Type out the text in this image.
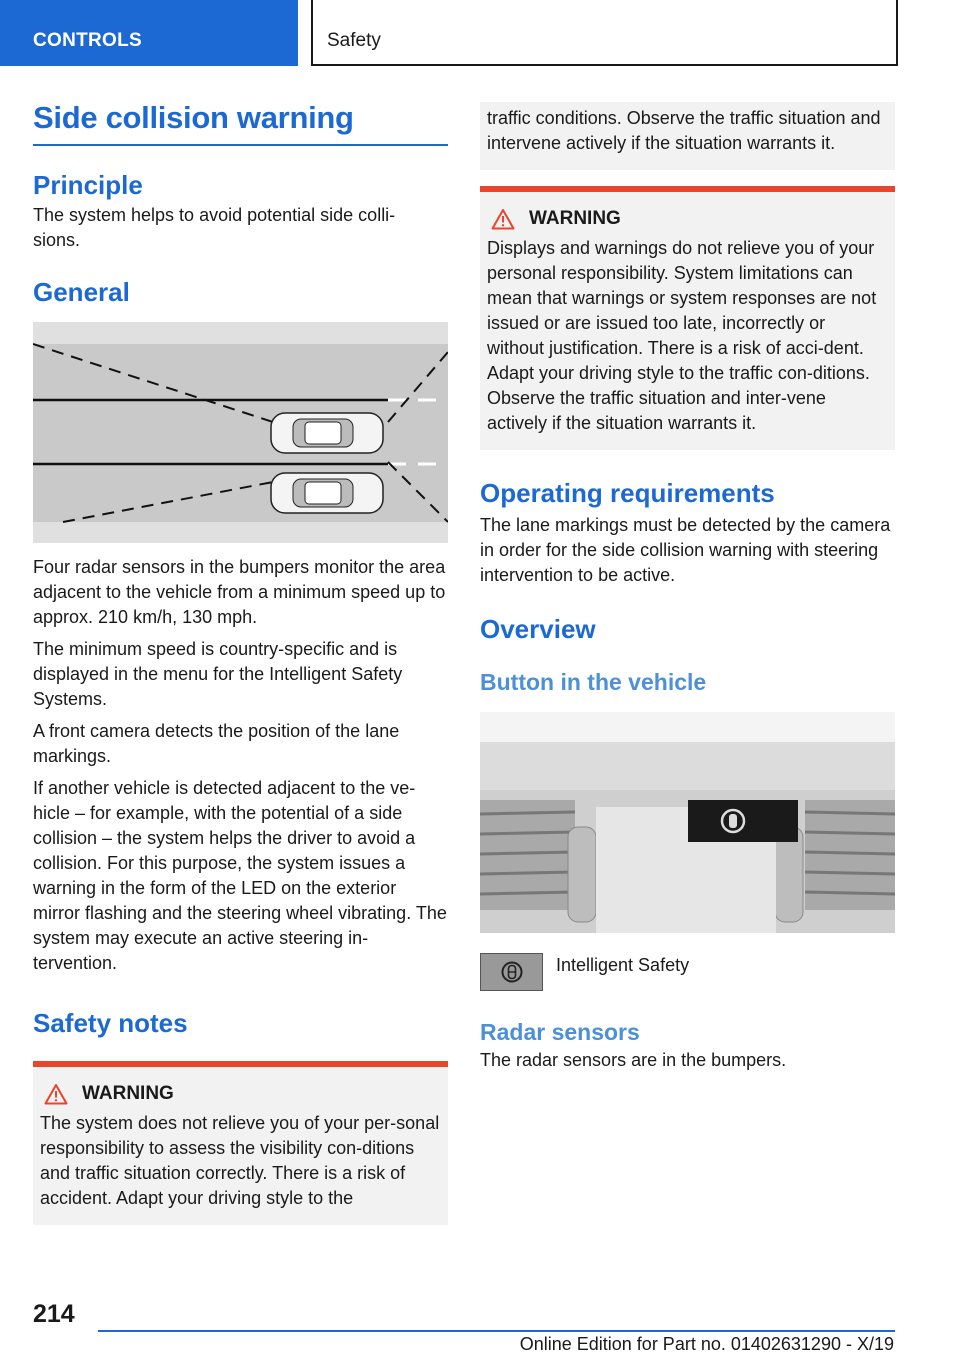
CONTROLS	Safety
Side collision warning
Principle

The system helps to avoid potential side colli-sions.

General

Four radar sensors in the bumpers monitor the area adjacent to the vehicle from a minimum speed up to approx. 210 km/h, 130 mph.

The minimum speed is country-specific and is displayed in the menu for the Intelligent Safety Systems.

A front camera detects the position of the lane markings.

If another vehicle is detected adjacent to the ve-hicle – for example, with the potential of a side collision – the system helps the driver to avoid a collision. For this purpose, the system issues a warning in the form of the LED on the exterior mirror flashing and the steering wheel vibrating. The system may execute an active steering in-tervention.

Safety notes
WARNING

The system does not relieve you of your per-sonal responsibility to assess the visibility con-ditions and traffic situation correctly. There is a risk of accident. Adapt your driving style to the

traffic conditions. Observe the traffic situation and intervene actively if the situation warrants it.

WARNING

Displays and warnings do not relieve you of your personal responsibility. System limitations can mean that warnings or system responses are not issued or are issued too late, incorrectly or without justification. There is a risk of acci-dent. Adapt your driving style to the traffic con-ditions. Observe the traffic situation and inter-vene actively if the situation warrants it.

Operating requirements

The lane markings must be detected by the camera in order for the side collision warning with steering intervention to be active.

Overview
Button in the vehicle

Intelligent Safety

Radar sensors

The radar sensors are in the bumpers.

214
Online Edition for Part no. 01402631290 - X/19
